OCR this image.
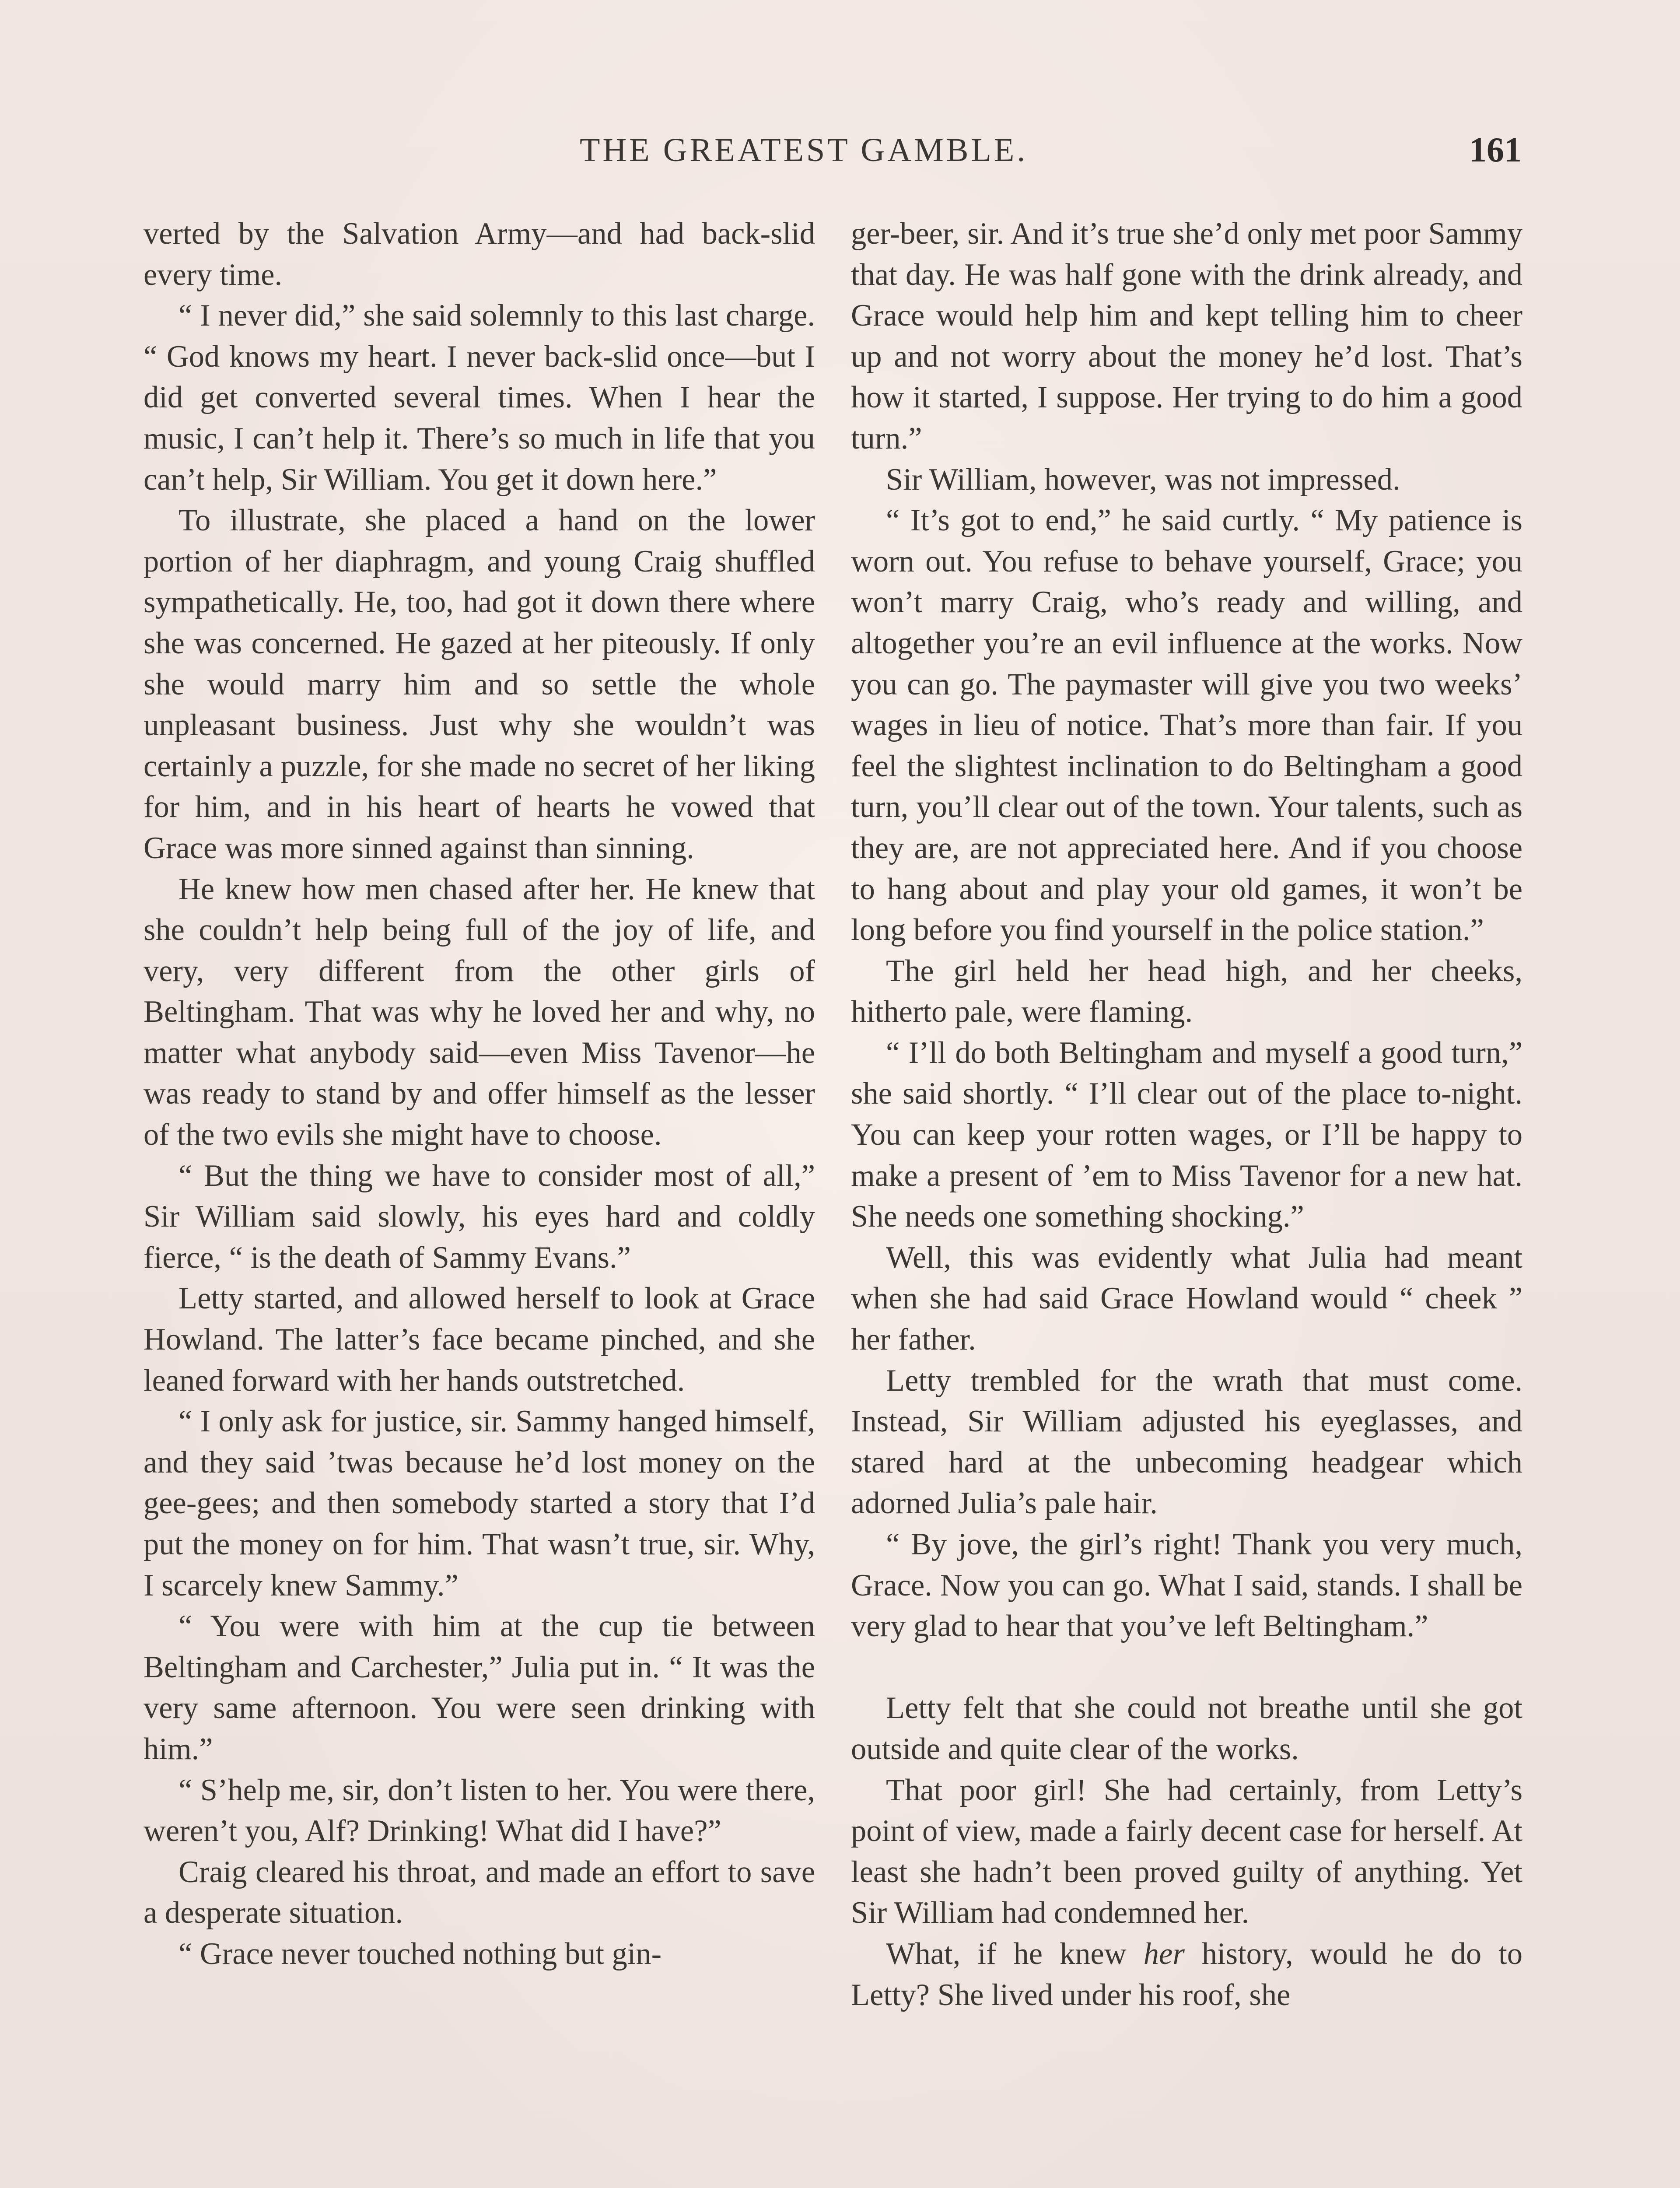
THE GREATEST GAMBLE.	161

verted by the Salvation Army—and had back-slid every time.

“ I never did,” she said solemnly to this last charge. “ God knows my heart. I never back-slid once—but I did get converted several times. When I hear the music, I can’t help it. There’s so much in life that you can’t help, Sir William. You get it down here.”

To illustrate, she placed a hand on the lower portion of her diaphragm, and young Craig shuffled sympathetically. He, too, had got it down there where she was concerned. He gazed at her piteously. If only she would marry him and so settle the whole unpleasant business. Just why she wouldn’t was certainly a puzzle, for she made no secret of her liking for him, and in his heart of hearts he vowed that Grace was more sinned against than sinning.

He knew how men chased after her. He knew that she couldn’t help being full of the joy of life, and very, very different from the other girls of Beltingham. That was why he loved her and why, no matter what anybody said—even Miss Tavenor—he was ready to stand by and offer himself as the lesser of the two evils she might have to choose.

“ But the thing we have to consider most of all,” Sir William said slowly, his eyes hard and coldly fierce, “ is the death of Sammy Evans.”

Letty started, and allowed herself to look at Grace Howland. The latter’s face became pinched, and she leaned forward with her hands outstretched.

“ I only ask for justice, sir. Sammy hanged himself, and they said ’twas because he’d lost money on the gee-gees; and then somebody started a story that I’d put the money on for him. That wasn’t true, sir. Why, I scarcely knew Sammy.”

“ You were with him at the cup tie between Beltingham and Carchester,” Julia put in. “ It was the very same afternoon. You were seen drinking with him.”

“ S’help me, sir, don’t listen to her. You were there, weren’t you, Alf? Drinking! What did I have?”

Craig cleared his throat, and made an effort to save a desperate situation.

“ Grace never touched nothing but gin-

ger-beer, sir. And it’s true she’d only met poor Sammy that day. He was half gone with the drink already, and Grace would help him and kept telling him to cheer up and not worry about the money he’d lost. That’s how it started, I suppose. Her trying to do him a good turn.”

Sir William, however, was not impressed.

“ It’s got to end,” he said curtly. “ My patience is worn out. You refuse to behave yourself, Grace; you won’t marry Craig, who’s ready and willing, and altogether you’re an evil influence at the works. Now you can go. The paymaster will give you two weeks’ wages in lieu of notice. That’s more than fair. If you feel the slightest inclination to do Beltingham a good turn, you’ll clear out of the town. Your talents, such as they are, are not appreciated here. And if you choose to hang about and play your old games, it won’t be long before you find yourself in the police station.”

The girl held her head high, and her cheeks, hitherto pale, were flaming.

“ I’ll do both Beltingham and myself a good turn,” she said shortly. “ I’ll clear out of the place to-night. You can keep your rotten wages, or I’ll be happy to make a present of ’em to Miss Tavenor for a new hat. She needs one something shocking.”

Well, this was evidently what Julia had meant when she had said Grace Howland would “ cheek ” her father.

Letty trembled for the wrath that must come. Instead, Sir William adjusted his eyeglasses, and stared hard at the unbecoming headgear which adorned Julia’s pale hair.

“ By jove, the girl’s right! Thank you very much, Grace. Now you can go. What I said, stands. I shall be very glad to hear that you’ve left Beltingham.”

Letty felt that she could not breathe until she got outside and quite clear of the works.

That poor girl! She had certainly, from Letty’s point of view, made a fairly decent case for herself. At least she hadn’t been proved guilty of anything. Yet Sir William had condemned her.

What, if he knew her history, would he do to Letty? She lived under his roof, she
